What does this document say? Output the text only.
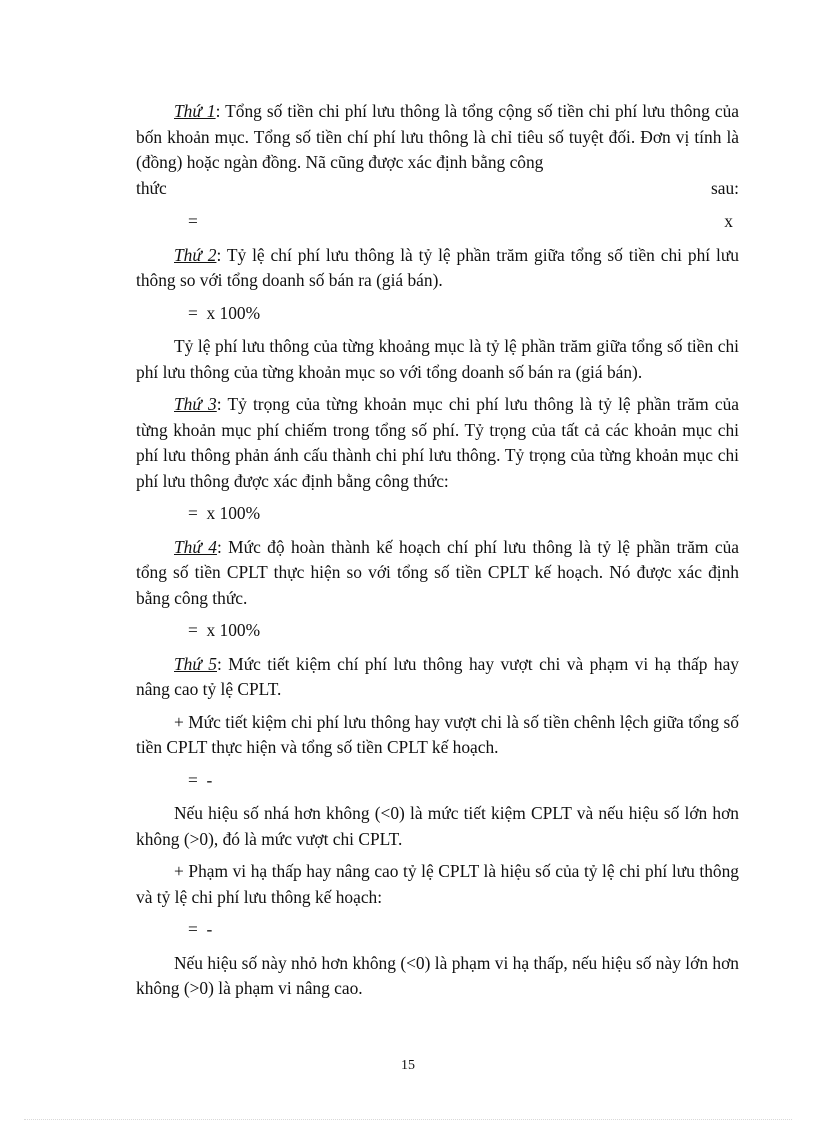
Thứ 1: Tổng số tiền chi phí lưu thông là tổng cộng số tiền chi phí lưu thông của bốn khoản mục. Tổng số tiền chí phí lưu thông là chỉ tiêu số tuyệt đối. Đơn vị tính là (đồng) hoặc ngàn đồng. Nã cũng được xác định bằng công

thức	sau:
=	x

Thứ 2: Tỷ lệ chí phí lưu thông là tỷ lệ phần trăm giữa tổng số tiền chi phí lưu thông so với tổng doanh số bán ra (giá bán).

=  x 100%

Tỷ lệ phí lưu thông của từng khoảng mục là tỷ lệ phần trăm giữa tổng số tiền chi phí lưu thông của từng khoản mục so với tổng doanh số bán ra (giá bán).

Thứ 3: Tỷ trọng của từng khoản mục chi phí lưu thông là tỷ lệ phần trăm của từng khoản mục phí chiếm trong tổng số phí. Tỷ trọng của tất cả các khoản mục chi phí lưu thông phản ánh cấu thành chi phí lưu thông. Tỷ trọng của từng khoản mục chi phí lưu thông được xác định bằng công thức:

=  x 100%

Thứ 4: Mức độ hoàn thành kế hoạch chí phí lưu thông là tỷ lệ phần trăm của tổng số tiền CPLT thực hiện so với tổng số tiền CPLT kế hoạch. Nó được xác định bằng công thức.

=  x 100%

Thứ 5: Mức tiết kiệm chí phí lưu thông hay vượt chi và phạm vi hạ thấp hay nâng cao tỷ lệ CPLT.

+ Mức tiết kiệm chi phí lưu thông hay vượt chi là số tiền chênh lệch giữa tổng số tiền CPLT thực hiện và tổng số tiền CPLT kế hoạch.

=  -

Nếu hiệu số nhá hơn không (<0) là mức tiết kiệm CPLT và nếu hiệu số lớn hơn không (>0), đó là mức vượt chi CPLT.

+ Phạm vi hạ thấp hay nâng cao tỷ lệ CPLT là hiệu số của tỷ lệ chi phí lưu thông và tỷ lệ chi phí lưu thông kế hoạch:

=  -

Nếu hiệu số này nhỏ hơn không (<0) là phạm vi hạ thấp, nếu hiệu số này lớn hơn không (>0) là phạm vi nâng cao.

15
